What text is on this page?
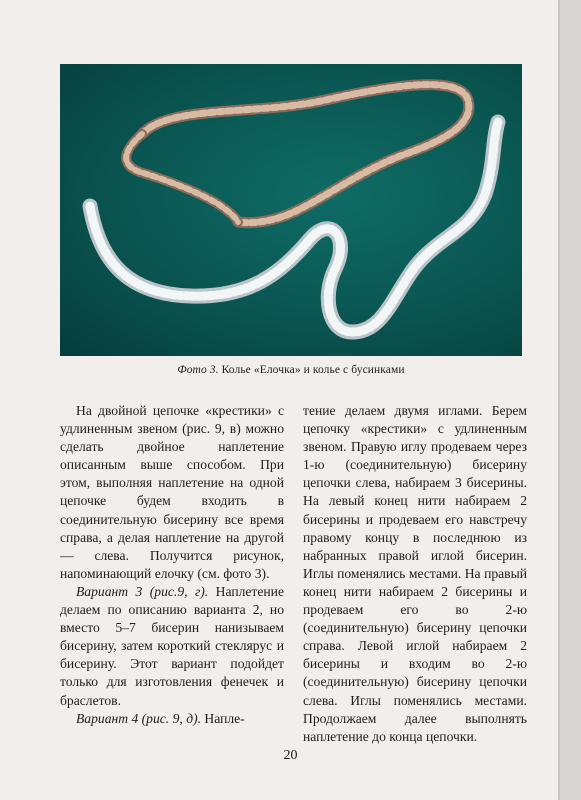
Фото 3. Колье «Елочка» и колье с бусинками

На двойной цепочке «крестики» с удлиненным звеном (рис. 9, в) можно сделать двойное наплетение описанным выше способом. При этом, выполняя наплетение на одной цепочке будем входить в соединительную бисерину все время справа, а делая наплетение на другой — слева. Получится рисунок, напоминающий елочку (см. фото 3).

Вариант 3 (рис.9, г). Наплетение делаем по описанию варианта 2, но вместо 5–7 бисерин нанизываем бисерину, затем короткий стеклярус и бисерину. Этот вариант подойдет только для изготовления фенечек и браслетов.

Вариант 4 (рис. 9, д). Напле-

тение делаем двумя иглами. Берем цепочку «крестики» с удлиненным звеном. Правую иглу продеваем через 1-ю (соединительную) бисерину цепочки слева, набираем 3 бисерины. На левый конец нити набираем 2 бисерины и продеваем его навстречу правому концу в последнюю из набранных правой иглой бисерин. Иглы поменялись местами. На правый конец нити набираем 2 бисерины и продеваем его во 2-ю (соединительную) бисерину цепочки справа. Левой иглой набираем 2 бисерины и входим во 2-ю (соединительную) бисерину цепочки слева. Иглы поменялись местами. Продолжаем далее выполнять наплетение до конца цепочки.

20
